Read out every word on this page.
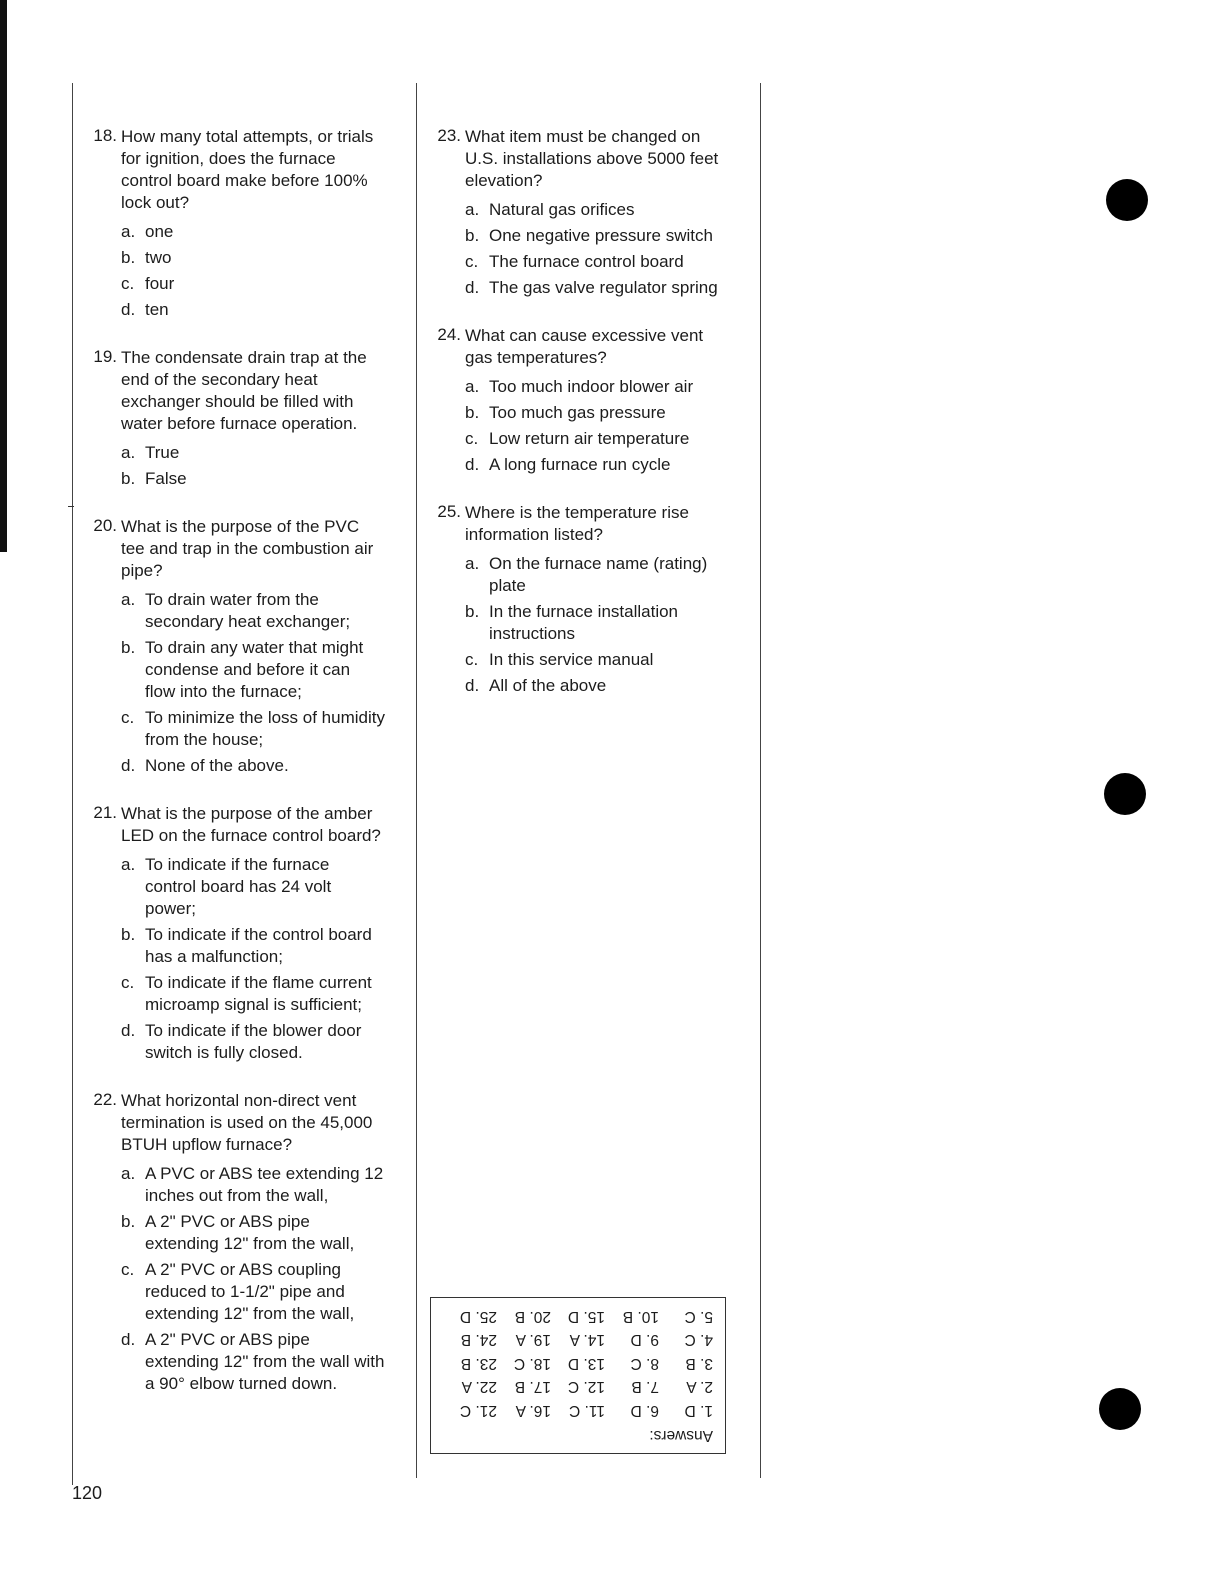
18. How many total attempts, or trials for ignition, does the furnace control board make before 100% lock out?
a. one
b. two
c. four
d. ten
19. The condensate drain trap at the end of the secondary heat exchanger should be filled with water before furnace operation.
a. True
b. False
20. What is the purpose of the PVC tee and trap in the combustion air pipe?
a. To drain water from the secondary heat exchanger;
b. To drain any water that might condense and before it can flow into the furnace;
c. To minimize the loss of humidity from the house;
d. None of the above.
21. What is the purpose of the amber LED on the furnace control board?
a. To indicate if the furnace control board has 24 volt power;
b. To indicate if the control board has a malfunction;
c. To indicate if the flame current microamp signal is sufficient;
d. To indicate if the blower door switch is fully closed.
22. What horizontal non-direct vent termination is used on the 45,000 BTUH upflow furnace?
a. A PVC or ABS tee extending 12 inches out from the wall,
b. A 2" PVC or ABS pipe extending 12" from the wall,
c. A 2" PVC or ABS coupling reduced to 1-1/2" pipe and extending 12" from the wall,
d. A 2" PVC or ABS pipe extending 12" from the wall with a 90° elbow turned down.
23. What item must be changed on U.S. installations above 5000 feet elevation?
a. Natural gas orifices
b. One negative pressure switch
c. The furnace control board
d. The gas valve regulator spring
24. What can cause excessive vent gas temperatures?
a. Too much indoor blower air
b. Too much gas pressure
c. Low return air temperature
d. A long furnace run cycle
25. Where is the temperature rise information listed?
a. On the furnace name (rating) plate
b. In the furnace installation instructions
c. In this service manual
d. All of the above
Answers:
1. D
6. D
11. C
16. A
21. C
2. A
7. B
12. C
17. B
22. A
3. B
8. C
13. D
18. C
23. B
4. C
9. D
14. A
19. A
24. B
5. C
10. B
15. D
20. B
25. D
120
